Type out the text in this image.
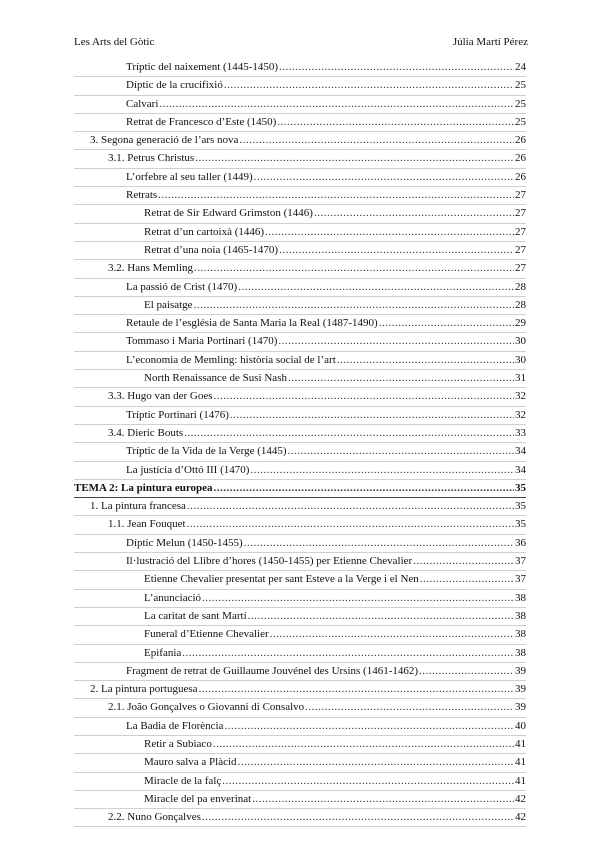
Les Arts del Gòtic	Júlia Martí Pérez
Tríptic del naixement (1445-1450) .....	24
Díptic de la crucifixió .....	25
Calvari .....	25
Retrat de Francesco d’Este (1450) .....	25
3. Segona generació de l’ars nova .....	26
3.1. Petrus Christus .....	26
L’orfebre al seu taller (1449) .....	26
Retrats .....	27
Retrat de Sir Edward Grimston (1446) .....	27
Retrat d’un cartoixà (1446) .....	27
Retrat d’una noia (1465-1470) .....	27
3.2. Hans Memling .....	27
La passió de Crist (1470) .....	28
El paisatge .....	28
Retaule de l’església de Santa Maria la Real (1487-1490) .....	29
Tommaso i Maria Portinari (1470) .....	30
L’economia de Memling: història social de l’art .....	30
North Renaissance de Susi Nash .....	31
3.3. Hugo van der Goes .....	32
Tríptic Portinari (1476) .....	32
3.4. Dieric Bouts .....	33
Tríptic de la Vida de la Verge (1445) .....	34
La justícia d’Ottó III (1470) .....	34
TEMA 2: La pintura europea .....	35
1. La pintura francesa .....	35
1.1. Jean Fouquet .....	35
Díptic Melun (1450-1455) .....	36
Il·lustració del Llibre d’hores (1450-1455) per Etienne Chevalier .....	37
Etienne Chevalier presentat per sant Esteve a la Verge i el Nen .....	37
L’anunciació .....	38
La caritat de sant Martí .....	38
Funeral d’Etienne Chevalier .....	38
Epifania .....	38
Fragment de retrat de Guillaume Jouvénel des Ursins (1461-1462) .....	39
2. La pintura portuguesa .....	39
2.1. João Gonçalves o Giovanni di Consalvo .....	39
La Badia de Florència .....	40
Retir a Subiaco .....	41
Mauro salva a Plàcid .....	41
Miracle de la falç .....	41
Miracle del pa enverinat .....	42
2.2. Nuno Gonçalves .....	42
